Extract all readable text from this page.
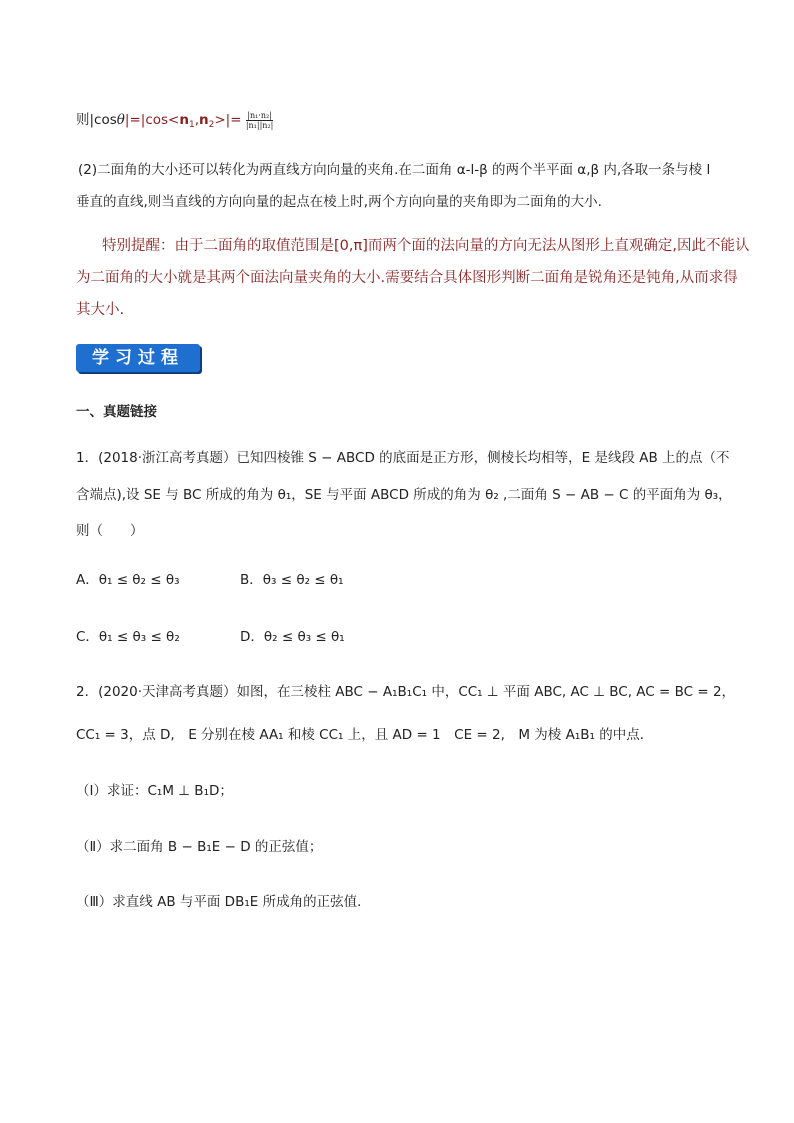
则$|\cos\theta|=|\cos<n_1,n_2>|= \frac{\text{|n₁·n₂|}}{\text{|n₁||n₂|}}$
(2)二面角的大小还可以转化为两直线方向向量的夹角.在二面角 α-l-β 的两个半平面 α,β 内,各取一条与棱 l
垂直的直线,则当直线的方向向量的起点在棱上时,两个方向向量的夹角即为二面角的大小.
特别提醒：由于二面角的取值范围是[0,π]而两个面的法向量的方向无法从图形上直观确定,因此不能认
为二面角的大小就是其两个面法向量夹角的大小.需要结合具体图形判断二面角是锐角还是钝角,从而求得
其大小.
学习过程
一、真题链接
1．(2018·浙江高考真题）已知四棱锥 S − ABCD 的底面是正方形，侧棱长均相等，E 是线段 AB 上的点（不
含端点),设 SE 与 BC 所成的角为 θ₁，SE 与平面 ABCD 所成的角为 θ₂ ,二面角 S − AB − C 的平面角为 θ₃，
则（　　）
A．θ₁ ≤ θ₂ ≤ θ₃	B．θ₃ ≤ θ₂ ≤ θ₁
C．θ₁ ≤ θ₃ ≤ θ₂	D．θ₂ ≤ θ₃ ≤ θ₁
2．(2020·天津高考真题）如图，在三棱柱 ABC − A₁B₁C₁ 中，CC₁ ⊥ 平面 ABC, AC ⊥ BC, AC = BC = 2，
CC₁ = 3，点 D,　E 分别在棱 AA₁ 和棱 CC₁ 上，且 AD = 1　CE = 2,　M 为棱 A₁B₁ 的中点．
（Ⅰ）求证：C₁M ⊥ B₁D；
（Ⅱ）求二面角 B − B₁E − D 的正弦值；
（Ⅲ）求直线 AB 与平面 DB₁E 所成角的正弦值．
